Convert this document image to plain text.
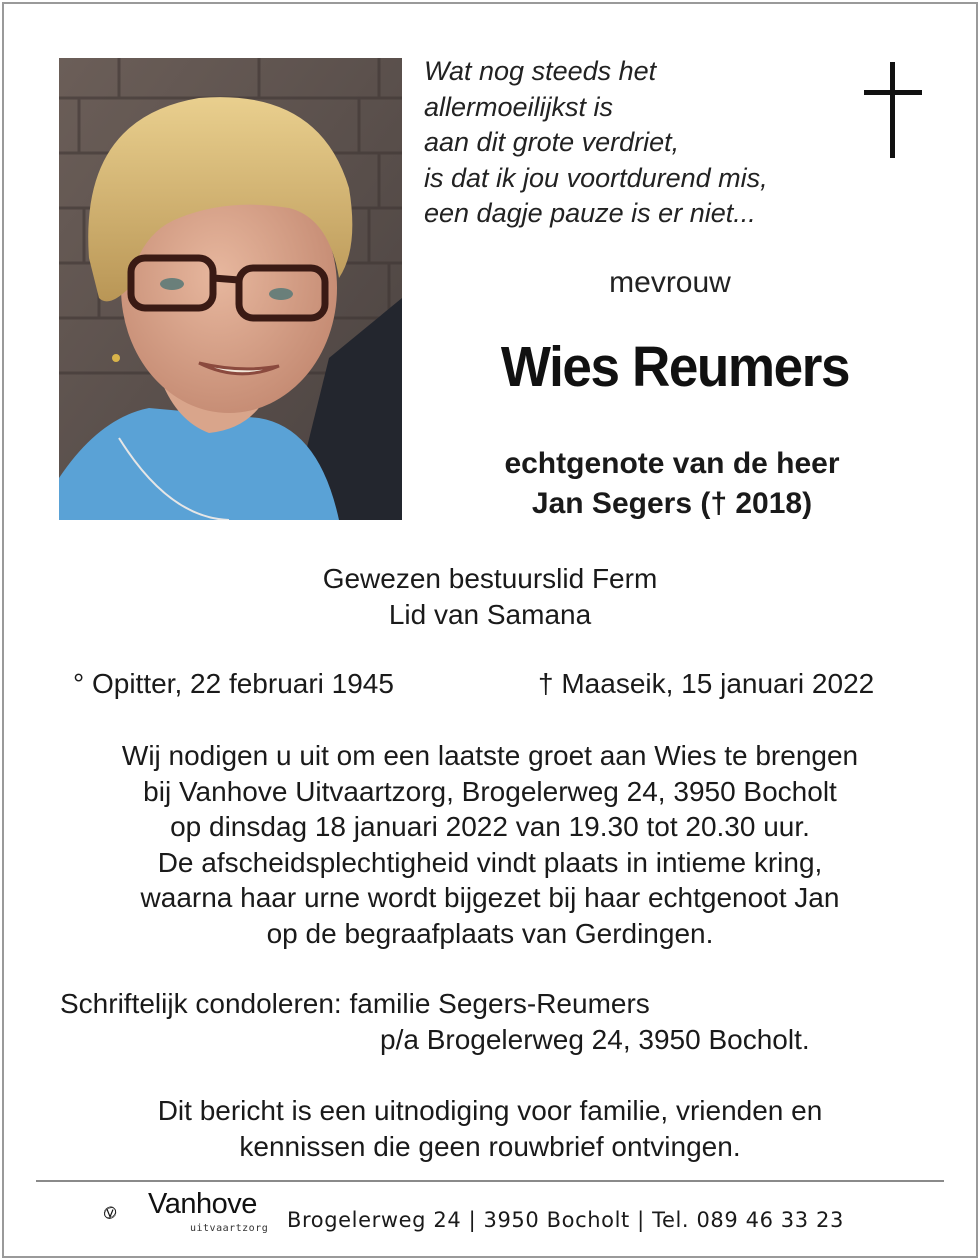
Wat nog steeds het
allermoeilijkst is
aan dit grote verdriet,
is dat ik jou voortdurend mis,
een dagje pauze is er niet...
mevrouw
Wies Reumers
echtgenote van de heer
Jan Segers († 2018)
Gewezen bestuurslid Ferm
Lid van Samana
° Opitter, 22 februari 1945	† Maaseik, 15 januari 2022
Wij nodigen u uit om een laatste groet aan Wies te brengen
bij Vanhove Uitvaartzorg, Brogelerweg 24, 3950 Bocholt
op dinsdag 18 januari 2022 van 19.30 tot 20.30 uur.
De afscheidsplechtigheid vindt plaats in intieme kring,
waarna haar urne wordt bijgezet bij haar echtgenoot Jan
op de begraafplaats van Gerdingen.
Schriftelijk condoleren: familie Segers-Reumers
p/a Brogelerweg 24, 3950 Bocholt.
Dit bericht is een uitnodiging voor familie, vrienden en
kennissen die geen rouwbrief ontvingen.
Vanhove
uitvaartzorg Brogelerweg 24 | 3950 Bocholt | Tel. 089 46 33 23
